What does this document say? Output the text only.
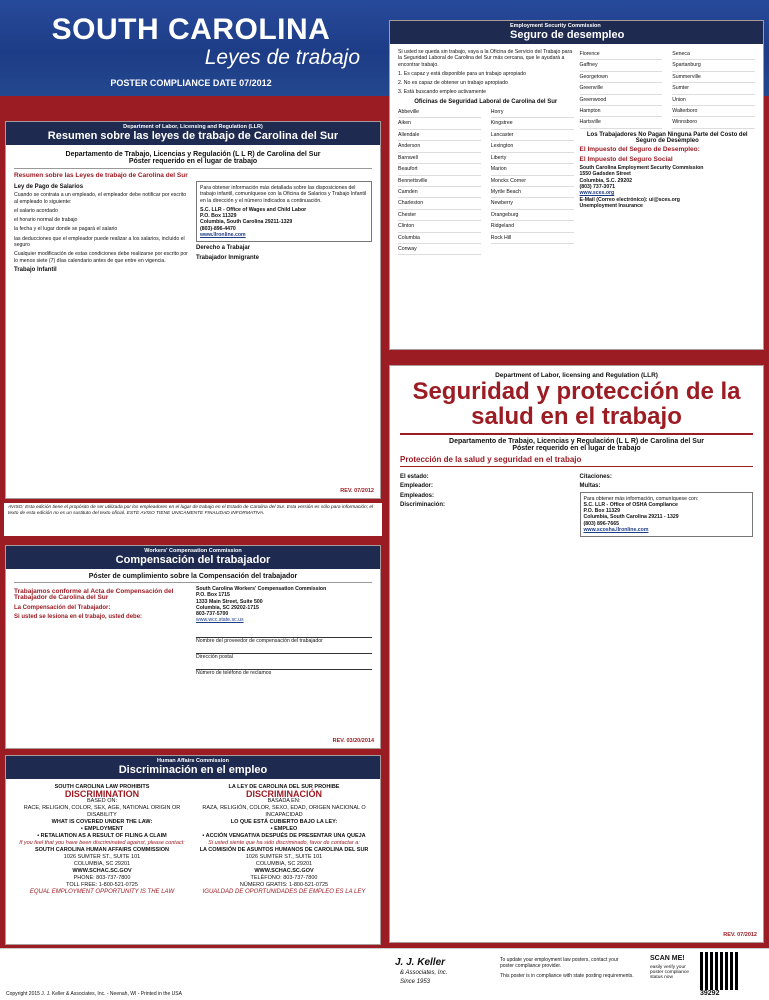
SOUTH CAROLINA
Leyes de trabajo
POSTER COMPLIANCE DATE 07/2012
Department of Labor, Licensing and Regulation (LLR)
Resumen sobre las leyes de trabajo de Carolina del Sur
Departamento de Trabajo, Licencias y Regulación (L L R) de Carolina del Sur
Póster requerido en el lugar de trabajo
Resumen sobre las Leyes de trabajo de Carolina del Sur
Ley de Pago de Salarios

Cuando se contrata a un empleado, el empleador debe notificar por escrito al empleado lo siguiente:

el salario acordado

el horario normal de trabajo

la fecha y el lugar donde se pagará el salario

las deducciones que el empleador puede realizar a los salarios, incluido el seguro

Cualquier modificación de estas condiciones debe realizarse por escrito por lo menos siete (7) días calendario antes de que entre en vigencia.

Trabajo Infantil

Para obtener información más detallada sobre las disposiciones del trabajo infantil, comuníquese con la Oficina de Salarios y Trabajo Infantil en la dirección y el número indicados a continuación.

S.C. LLR - Office of Wages and Child Labor
P.O. Box 11329
Columbia, South Carolina 29211-1329
(803)-896-4470
www.llronline.com
Derecho a Trabajar
Trabajador Inmigrante
REV. 07/2012
AVISO: Esta edición tiene el propósito de ser utilizada por los empleadores en el lugar de trabajo en el Estado de Carolina del Sur. Esta versión es sólo para información; el texto de esta edición no es un sustituto del texto oficial. ESTE AVISO TIENE UNICAMENTE FINALIDAD INFORMATIVA.
Workers' Compensation Commission
Compensación del trabajador
Póster de cumplimiento sobre la Compensación del trabajador
Trabajamos conforme al Acta de Compensación del Trabajador de Carolina del Sur
La Compensación del Trabajador:
Si usted se lesiona en el trabajo, usted debe:
South Carolina Workers' Compensation Commission
P.O. Box 1715
1333 Main Street, Suite 500
Columbia, SC 29202-1715
803-737-5700
www.wcc.state.sc.us
Nombre del proveedor de compensación del trabajador
Dirección postal
Número de teléfono de reclamos
REV. 03/20/2014
Human Affairs Commission
Discriminación en el empleo
SOUTH CAROLINA LAW PROHIBITS
DISCRIMINATION
BASED ON:
RACE, RELIGION, COLOR, SEX, AGE, NATIONAL ORIGIN OR DISABILITY
WHAT IS COVERED UNDER THE LAW:
• EMPLOYMENT
• RETALIATION AS A RESULT OF FILING A CLAIM
If you feel that you have been discriminated against, please contact:
SOUTH CAROLINA HUMAN AFFAIRS COMMISSION
1026 SUMTER ST., SUITE 101
COLUMBIA, SC 29201
WWW.SCHAC.SC.GOV
PHONE: 803-737-7800
TOLL FREE: 1-800-521-0725
EQUAL EMPLOYMENT OPPORTUNITY IS THE LAW
LA LEY DE CAROLINA DEL SUR PROHIBE
DISCRIMINACIÓN
BASADA EN:
RAZA, RELIGIÓN, COLOR, SEXO, EDAD, ORIGEN NACIONAL O INCAPACIDAD
LO QUE ESTÁ CUBIERTO BAJO LA LEY:
• EMPLEO
• ACCIÓN VENGATIVA DESPUÉS DE PRESENTAR UNA QUEJA
Si usted siente que ha sido discriminado, favor de contactar a:
LA COMISIÓN DE ASUNTOS HUMANOS DE CAROLINA DEL SUR
1026 SUMTER ST., SUITE 101
COLUMBIA, SC 29201
WWW.SCHAC.SC.GOV
TELÉFONO: 803-737-7800
NÚMERO GRATIS: 1-800-521-0725
IGUALDAD DE OPORTUNIDADES DE EMPLEO ES LA LEY
Employment Security Commission
Seguro de desempleo

Si usted se queda sin trabajo, vaya a la Oficina de Servicio del Trabajo para la Seguridad Laboral de Carolina del Sur más cercana, que le ayudará a encontrar trabajo.

1. Es capaz y está disponible para un trabajo apropiado

2. No es capaz de obtener un trabajo apropiado

3. Está buscando empleo activamente

Oficinas de Seguridad Laboral de Carolina del Sur
Abbeville
Aiken
Allendale
Anderson
Barnwell
Beaufort
Bennettsville
Camden
Charleston
Chester
Clinton
Columbia
Conway
Horry
Kingstree
Lancaster
Lexington
Liberty
Marion
Moncks Corner
Myrtle Beach
Newberry
Orangeburg
Ridgeland
Rock Hill
Florence
Gaffney
Georgetown
Greenville
Greenwood
Hampton
Hartsville
Seneca
Spartanburg
Summerville
Sumter
Union
Walterboro
Winnsboro
Los Trabajadores No Pagan Ninguna Parte del Costo del Seguro de Desempleo
El Impuesto del Seguro de Desempleo:
El Impuesto del Seguro Social
South Carolina Employment Security Commission
1550 Gadsden Street
Columbia, S.C. 29202
(803) 737-3071
www.sces.org
E-Mail (Correo electrónico): ui@sces.org
Unemployment Insurance
Department of Labor, licensing and Regulation (LLR)
Seguridad y protección de la salud en el trabajo
Departamento de Trabajo, Licencias y Regulación (L L R) de Carolina del Sur
Póster requerido en el lugar de trabajo
Protección de la salud y seguridad en el trabajo
El estado:
Empleador:
Empleados:
Discriminación:
Citaciones:
Multas:
Para obtener más información, comuníquese con:
S.C. LLR - Office of OSHA Compliance
P.O. Box 11329
Columbia, South Carolina 29211 - 1329
(803) 896-7665
www.scosha.llronline.com
REV. 07/2012
Copyright 2015 J. J. Keller & Associates, Inc. - Neenah, WI - Printed in the USA
J. J. Keller
& Associates, Inc.
Since 1953
To update your employment law posters, contact your poster compliance provider.
This poster is in compliance with state posting requirements.
SCAN ME!
easily verify your poster compliance status now
39292
